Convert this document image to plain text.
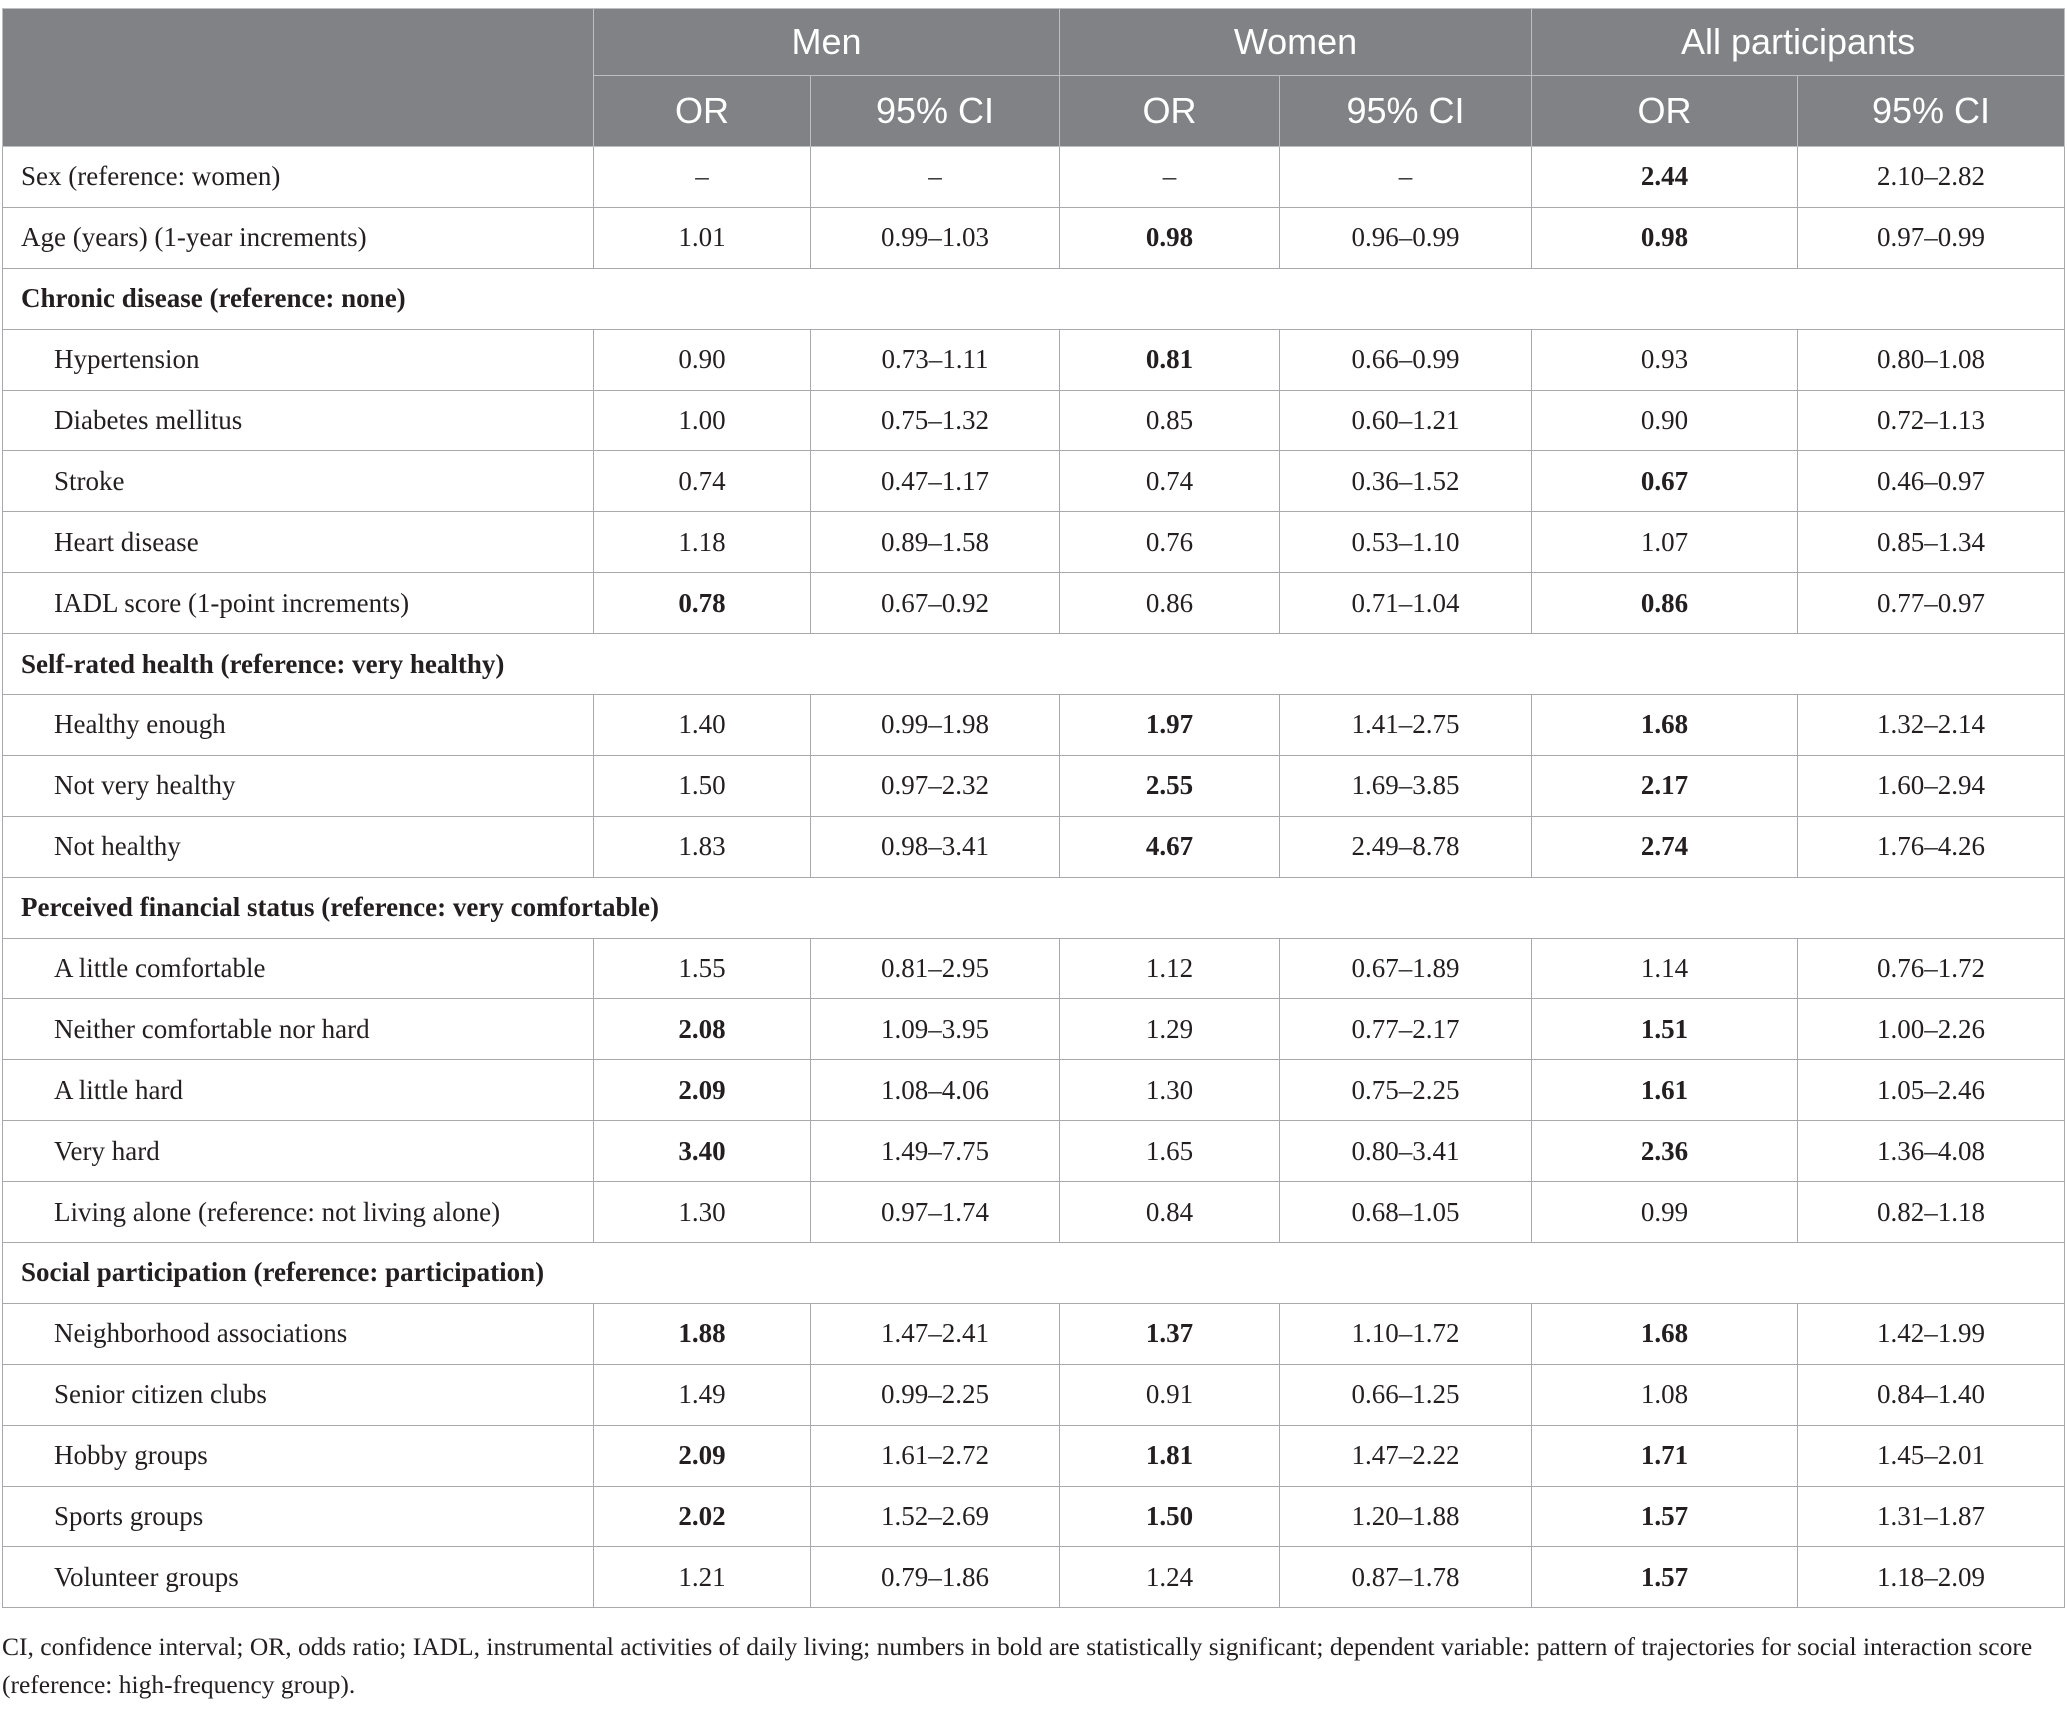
	Men		Women		All participants	
	OR	95% CI	OR	95% CI	OR	95% CI
Sex (reference: women)	–	–	–	–	2.44	2.10–2.82
Age (years) (1-year increments)	1.01	0.99–1.03	0.98	0.96–0.99	0.98	0.97–0.99
Chronic disease (reference: none)						
Hypertension	0.90	0.73–1.11	0.81	0.66–0.99	0.93	0.80–1.08
Diabetes mellitus	1.00	0.75–1.32	0.85	0.60–1.21	0.90	0.72–1.13
Stroke	0.74	0.47–1.17	0.74	0.36–1.52	0.67	0.46–0.97
Heart disease	1.18	0.89–1.58	0.76	0.53–1.10	1.07	0.85–1.34
IADL score (1-point increments)	0.78	0.67–0.92	0.86	0.71–1.04	0.86	0.77–0.97
Self-rated health (reference: very healthy)						
Healthy enough	1.40	0.99–1.98	1.97	1.41–2.75	1.68	1.32–2.14
Not very healthy	1.50	0.97–2.32	2.55	1.69–3.85	2.17	1.60–2.94
Not healthy	1.83	0.98–3.41	4.67	2.49–8.78	2.74	1.76–4.26
Perceived financial status (reference: very comfortable)						
A little comfortable	1.55	0.81–2.95	1.12	0.67–1.89	1.14	0.76–1.72
Neither comfortable nor hard	2.08	1.09–3.95	1.29	0.77–2.17	1.51	1.00–2.26
A little hard	2.09	1.08–4.06	1.30	0.75–2.25	1.61	1.05–2.46
Very hard	3.40	1.49–7.75	1.65	0.80–3.41	2.36	1.36–4.08
Living alone (reference: not living alone)	1.30	0.97–1.74	0.84	0.68–1.05	0.99	0.82–1.18
Social participation (reference: participation)						
Neighborhood associations	1.88	1.47–2.41	1.37	1.10–1.72	1.68	1.42–1.99
Senior citizen clubs	1.49	0.99–2.25	0.91	0.66–1.25	1.08	0.84–1.40
Hobby groups	2.09	1.61–2.72	1.81	1.47–2.22	1.71	1.45–2.01
Sports groups	2.02	1.52–2.69	1.50	1.20–1.88	1.57	1.31–1.87
Volunteer groups	1.21	0.79–1.86	1.24	0.87–1.78	1.57	1.18–2.09
CI, confidence interval; OR, odds ratio; IADL, instrumental activities of daily living; numbers in bold are statistically significant; dependent variable: pattern of trajectories for social interaction score (reference: high-frequency group).
